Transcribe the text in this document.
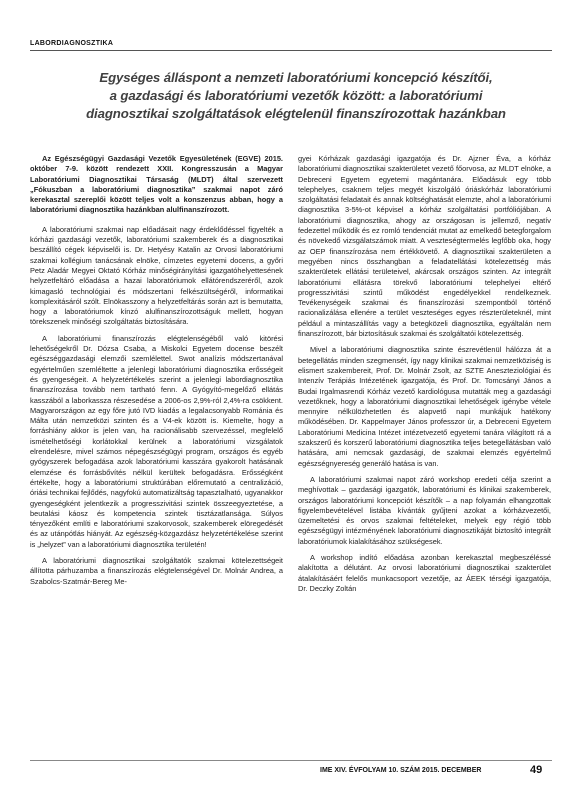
LABORDIAGNOSZTIKA
Egységes álláspont a nemzeti laboratóriumi koncepció készítői,
a gazdasági és laboratóriumi vezetők között: a laboratóriumi
diagnosztikai szolgáltatások elégtelenül finanszírozottak hazánkban

Az Egészségügyi Gazdasági Vezetők Egyesületének (EGVE) 2015. október 7-9. között rendezett XXII. Kongresszusán a Magyar Laboratóriumi Diagnosztikai Társaság (MLDT) által szervezett „Fókuszban a laboratóriumi diagnosztika” szakmai napot záró kerekasztal szereplői között teljes volt a konszenzus abban, hogy a laboratóriumi diagnosztika hazánkban alulfinanszírozott.

A laboratóriumi szakmai nap előadásait nagy érdeklődéssel figyelték a kórházi gazdasági vezetők, laboratóriumi szakemberek és a diagnosztikai beszállító cégek képviselői is. Dr. Hetyésy Katalin az Orvosi laboratóriumi szakmai kollégium tanácsának elnöke, címzetes egyetemi docens, a győri Petz Aladár Megyei Oktató Kórház minőségirányítási igazgatóhelyettesének helyzetfeltáró előadása a hazai laboratóriumok ellátórendszeréről, azok kimagasló technológiai és módszertani felkészültségéről, informatikai komplexitásáról szólt. Elnökasszony a helyzetfeltárás során azt is bemutatta, hogy a laboratóriumok kínzó alulfinanszírozottságuk mellett, hogyan törekszenek minőségi szolgáltatás biztosítására.

A laboratóriumi finanszírozás elégtelenségéből való kitörési lehetőségekről Dr. Dózsa Csaba, a Miskolci Egyetem docense beszélt egészséggazdasági elemzői szemlélettel. Swot analízis módszertanával egyértelműen szemléltette a jelenlegi laboratóriumi diagnosztika erősségeit és gyengeségeit. A helyzetértékelés szerint a jelenlegi labordiagnosztika finanszírozása tovább nem tartható fenn. A Gyógyító-megelőző ellátás kasszából a laborkassza részesedése a 2006-os 2,9%-ról 2,4%-ra csökkent. Magyarországon az egy főre jutó IVD kiadás a legalacsonyabb Románia és Málta után nemzetközi szinten és a V4-ek között is. Kiemelte, hogy a forráshiány akkor is jelen van, ha racionálisabb szervezéssel, megfelelő ismételhetőségi korlátokkal kerülnek a laboratóriumi vizsgálatok elrendelésre, mivel számos népegészségügyi program, országos és egyéb gyógyszerek befogadása azok laboratóriumi kasszára gyakorolt hatásának elemzése és forrásbővítés nélkül kerültek befogadásra. Erősségként értékelte, hogy a laboratóriumi struktúrában előremutató a centralizáció, óriási technikai fejlődés, nagyfokú automatizáltság tapasztalható, ugyanakkor gyengeségként jelentkezik a progresszivitási szintek összeegyeztetése, a beutalási káosz és kompetencia szintek tisztázatlansága. Súlyos tényezőként említi e laboratóriumi szakorvosok, szakemberek elöregedését és az utánpótlás hiányát. Az egészség-közgazdász helyzetértékelése szerint is „helyzet” van a laboratóriumi diagnosztika területén!

A laboratóriumi diagnosztikai szolgáltatók szakmai kötelezettségeit állította párhuzamba a finanszírozás elégtelenségével Dr. Molnár Andrea, a Szabolcs-Szatmár-Bereg Me-

gyei Kórházak gazdasági igazgatója és Dr. Ajzner Éva, a kórház laboratóriumi diagnosztikai szakterületet vezető főorvosa, az MLDT elnöke, a Debreceni Egyetem egyetemi magántanára. Előadásuk egy több telephelyes, csaknem teljes megyét kiszolgáló óriáskórház laboratóriumi szolgáltatási feladatait és annak költséghatását elemzte, ahol a laboratóriumi diagnosztika 3-5%-ot képvisel a kórház szolgáltatási portfóliójában. A laboratóriumi diagnosztika, ahogy az országosan is jellemző, negatív fedezettel működik és ez romló tendenciát mutat az emelkedő betegforgalom és növekedő vizsgálatszámok miatt. A veszteségtermelés legfőbb oka, hogy az OEP finanszírozása nem értékkövető. A diagnosztikai szakterületen a megyében nincs összhangban a feladatellátási kötelezettség más szakterületek ellátási területeivel, akárcsak országos szinten. Az integrált laboratóriumi ellátásra törekvő laboratóriumi telephelyei eltérő progresszivitási szintű működést engedélyekkel rendelkeznek. Tevékenységeik szakmai és finanszírozási szempontból történő racionalizálása ellenére a terület veszteséges egyes részterületeknél, mint például a mintaszállítás vagy a betegközeli diagnosztika, egyáltalán nem finanszírozott, bár biztosításuk szakmai és szolgáltatói kötelezettség.

Mivel a laboratóriumi diagnosztika szinte észrevétlenül hálózza át a betegellátás minden szegmensét, így nagy klinikai szakmai nemzetköziség is elismert szakembereit, Prof. Dr. Molnár Zsolt, az SZTE Aneszteziológiai és Intenzív Terápiás Intézetének igazgatója, és Prof. Dr. Tomcsányi János a Budai Irgalmasrendi Kórház vezető kardiológusa mutatták meg a gazdasági vezetőknek, hogy a laboratóriumi diagnosztikai lehetőségek igénybe vétele mennyire nélkülözhetetlen és alapvető napi munkájuk hatékony működésében. Dr. Kappelmayer János professzor úr, a Debreceni Egyetem Laboratóriumi Medicina Intézet intézetvezető egyetemi tanára világított rá a szakszerű és korszerű laboratóriumi diagnosztika teljes betegellátásban való hatására, ami nemcsak gazdasági, de szakmai elemzés egyértelmű egészségnyereség generáló hatása is van.

A laboratóriumi szakmai napot záró workshop eredeti célja szerint a meghívottak – gazdasági igazgatók, laboratóriumi és klinikai szakemberek, országos laboratóriumi koncepciót készítők – a nap folyamán elhangzottak figyelembevételével listába kívánták gyűjteni azokat a kórházvezetői, üzemeltetési és orvos szakmai feltételeket, melyek egy régió több egészségügyi intézményének laboratóriumi diagnosztikáját biztosító integrált laboratóriumok kialakításához szükségesek.

A workshop indító előadása azonban kerekasztal megbeszéléssé alakította a délutánt. Az orvosi laboratóriumi diagnosztikai szakterület átalakításáért felelős munkacsoport vezetője, az ÁEEK térségi igazgatója, Dr. Deczky Zoltán

IME XIV. ÉVFOLYAM 10. SZÁM 2015. DECEMBER	49
